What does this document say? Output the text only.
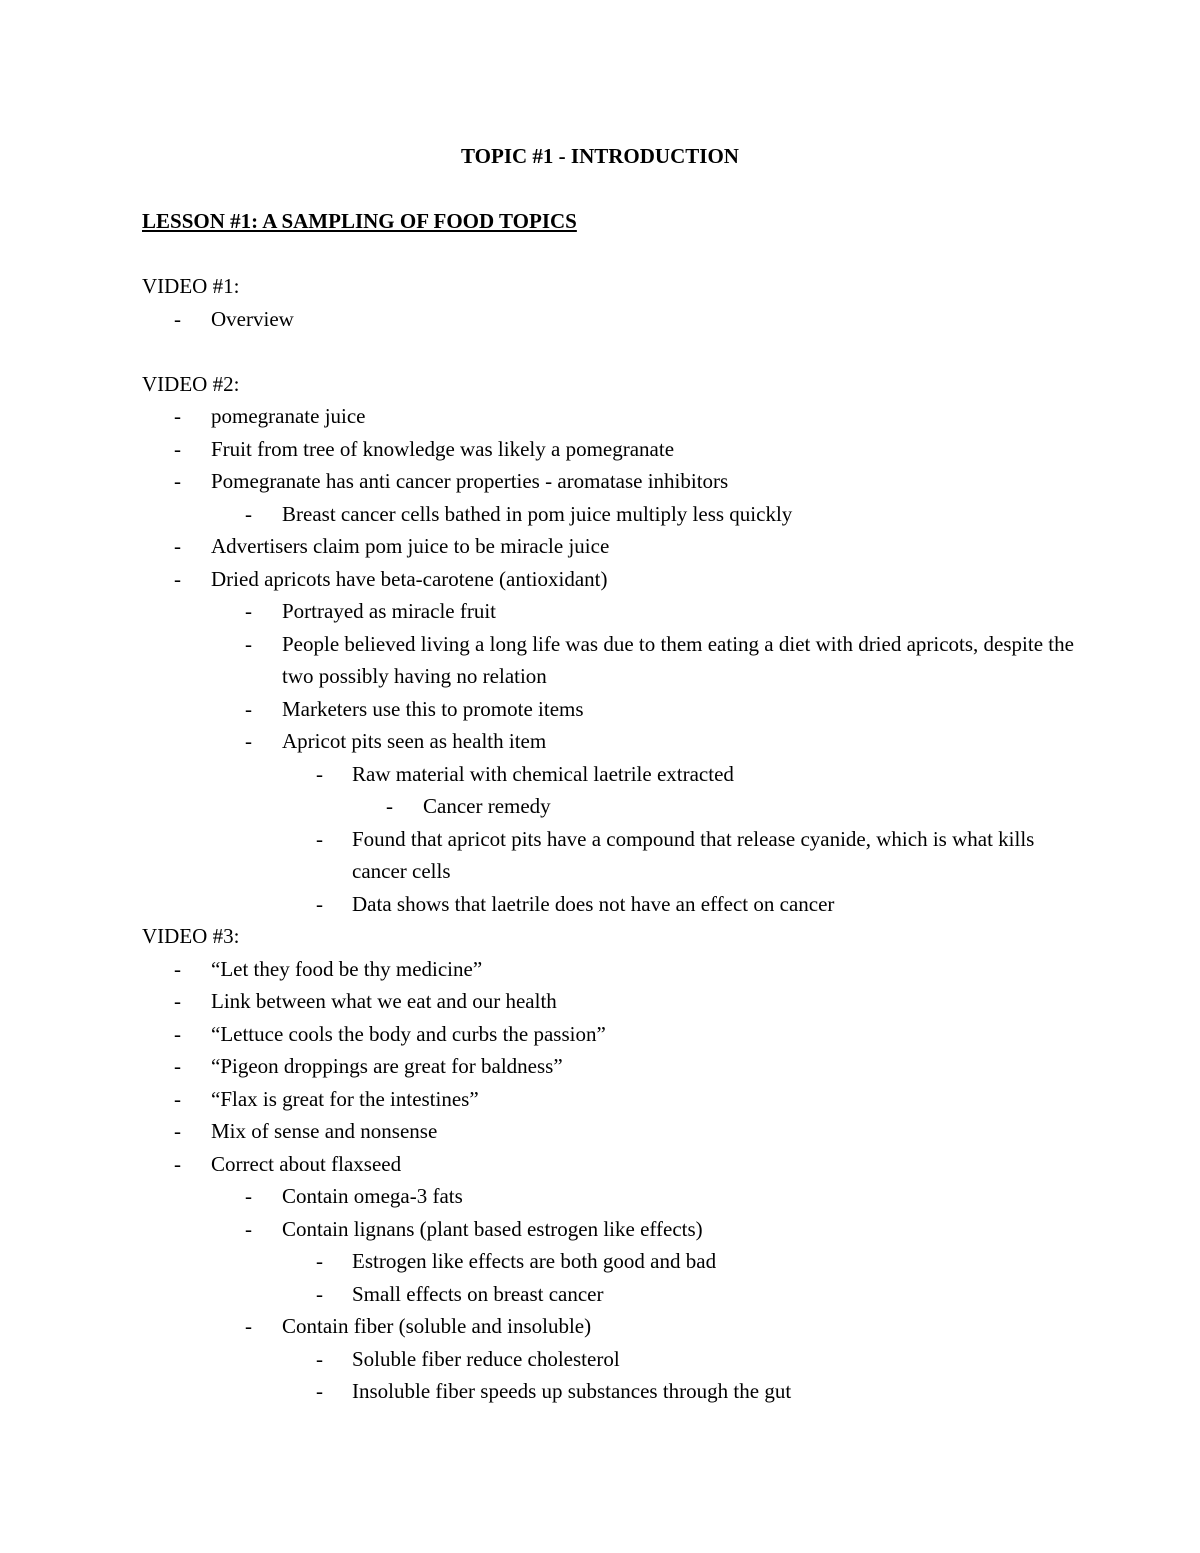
TOPIC #1 - INTRODUCTION
LESSON #1: A SAMPLING OF FOOD TOPICS

VIDEO #1:

- Overview

VIDEO #2:

- pomegranate juice
- Fruit from tree of knowledge was likely a pomegranate
- Pomegranate has anti cancer properties - aromatase inhibitors
- Breast cancer cells bathed in pom juice multiply less quickly
- Advertisers claim pom juice to be miracle juice
- Dried apricots have beta-carotene (antioxidant)
- Portrayed as miracle fruit
- People believed living a long life was due to them eating a diet with dried apricots, despite the two possibly having no relation
- Marketers use this to promote items
- Apricot pits seen as health item
- Raw material with chemical laetrile extracted
- Cancer remedy
- Found that apricot pits have a compound that release cyanide, which is what kills cancer cells
- Data shows that laetrile does not have an effect on cancer

VIDEO #3:

- “Let they food be thy medicine”
- Link between what we eat and our health
- “Lettuce cools the body and curbs the passion”
- “Pigeon droppings are great for baldness”
- “Flax is great for the intestines”
- Mix of sense and nonsense
- Correct about flaxseed
- Contain omega-3 fats
- Contain lignans (plant based estrogen like effects)
- Estrogen like effects are both good and bad
- Small effects on breast cancer
- Contain fiber (soluble and insoluble)
- Soluble fiber reduce cholesterol
- Insoluble fiber speeds up substances through the gut
